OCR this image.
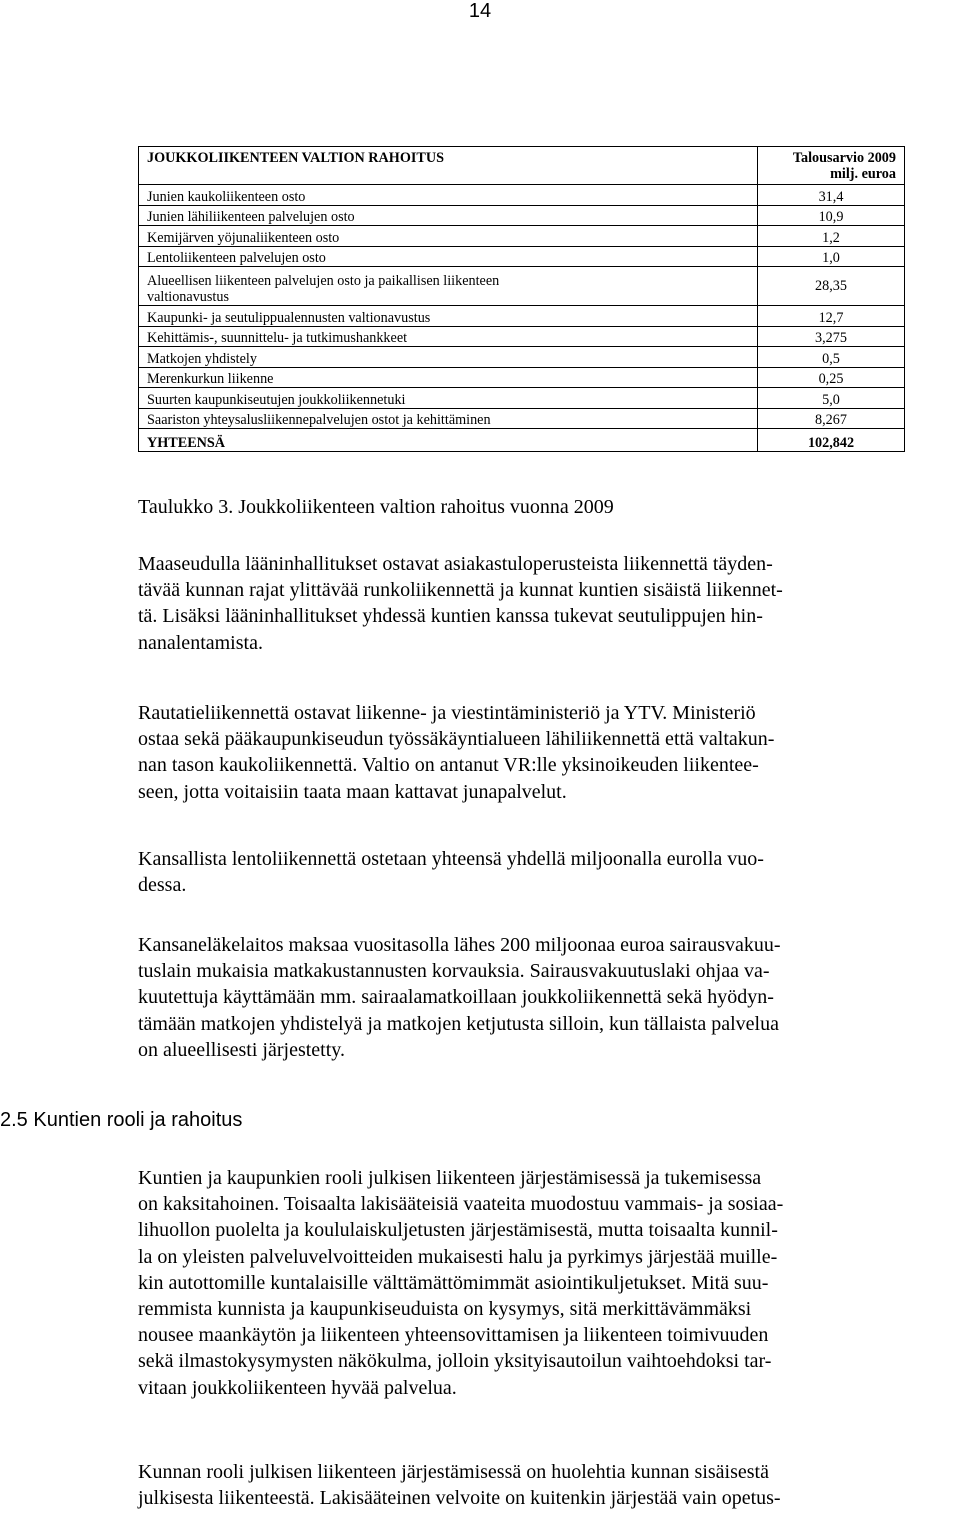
14
JOUKKOLIIKENTEEN VALTION RAHOITUS	Talousarvio 2009
milj. euroa
Junien kaukoliikenteen osto	31,4
Junien lähiliikenteen palvelujen osto	10,9
Kemijärven yöjunaliikenteen osto	1,2
Lentoliikenteen palvelujen osto	1,0
Alueellisen liikenteen palvelujen osto ja paikallisen liikenteen
valtionavustus	28,35
Kaupunki- ja seutulippualennusten valtionavustus	12,7
Kehittämis-, suunnittelu- ja tutkimushankkeet	3,275
Matkojen yhdistely	0,5
Merenkurkun liikenne	0,25
Suurten kaupunkiseutujen joukkoliikennetuki	5,0
Saariston yhteysalusliikennepalvelujen ostot ja kehittäminen	8,267
YHTEENSÄ	102,842
Taulukko 3. Joukkoliikenteen valtion rahoitus vuonna 2009

Maaseudulla lääninhallitukset ostavat asiakastuloperusteista liikennettä täyden-
tävää kunnan rajat ylittävää runkoliikennettä ja kunnat kuntien sisäistä liikennet-
tä. Lisäksi lääninhallitukset yhdessä kuntien kanssa tukevat seutulippujen hin-
nanalentamista.

Rautatieliikennettä ostavat liikenne- ja viestintäministeriö ja YTV. Ministeriö
ostaa sekä pääkaupunkiseudun työssäkäyntialueen lähiliikennettä että valtakun-
nan tason kaukoliikennettä. Valtio on antanut VR:lle yksinoikeuden liikentee-
seen, jotta voitaisiin taata maan kattavat junapalvelut.

Kansallista lentoliikennettä ostetaan yhteensä yhdellä miljoonalla eurolla vuo-
dessa.

Kansaneläkelaitos maksaa vuositasolla lähes 200 miljoonaa euroa sairausvakuu-
tuslain mukaisia matkakustannusten korvauksia. Sairausvakuutuslaki ohjaa va-
kuutettuja käyttämään mm. sairaalamatkoillaan joukkoliikennettä sekä hyödyn-
tämään matkojen yhdistelyä ja matkojen ketjutusta silloin, kun tällaista palvelua
on alueellisesti järjestetty.

2.5 Kuntien rooli ja rahoitus

Kuntien ja kaupunkien rooli julkisen liikenteen järjestämisessä ja tukemisessa
on kaksitahoinen. Toisaalta lakisääteisiä vaateita muodostuu vammais- ja sosiaa-
lihuollon puolelta ja koululaiskuljetusten järjestämisestä, mutta toisaalta kunnil-
la on yleisten palveluvelvoitteiden mukaisesti halu ja pyrkimys järjestää muille-
kin autottomille kuntalaisille välttämättömimmät asiointikuljetukset. Mitä suu-
remmista kunnista ja kaupunkiseuduista on kysymys, sitä merkittävämmäksi
nousee maankäytön ja liikenteen yhteensovittamisen ja liikenteen toimivuuden
sekä ilmastokysymysten näkökulma, jolloin yksityisautoilun vaihtoehdoksi tar-
vitaan joukkoliikenteen hyvää palvelua.

Kunnan rooli julkisen liikenteen järjestämisessä on huolehtia kunnan sisäisestä
julkisesta liikenteestä. Lakisääteinen velvoite on kuitenkin järjestää vain opetus-
